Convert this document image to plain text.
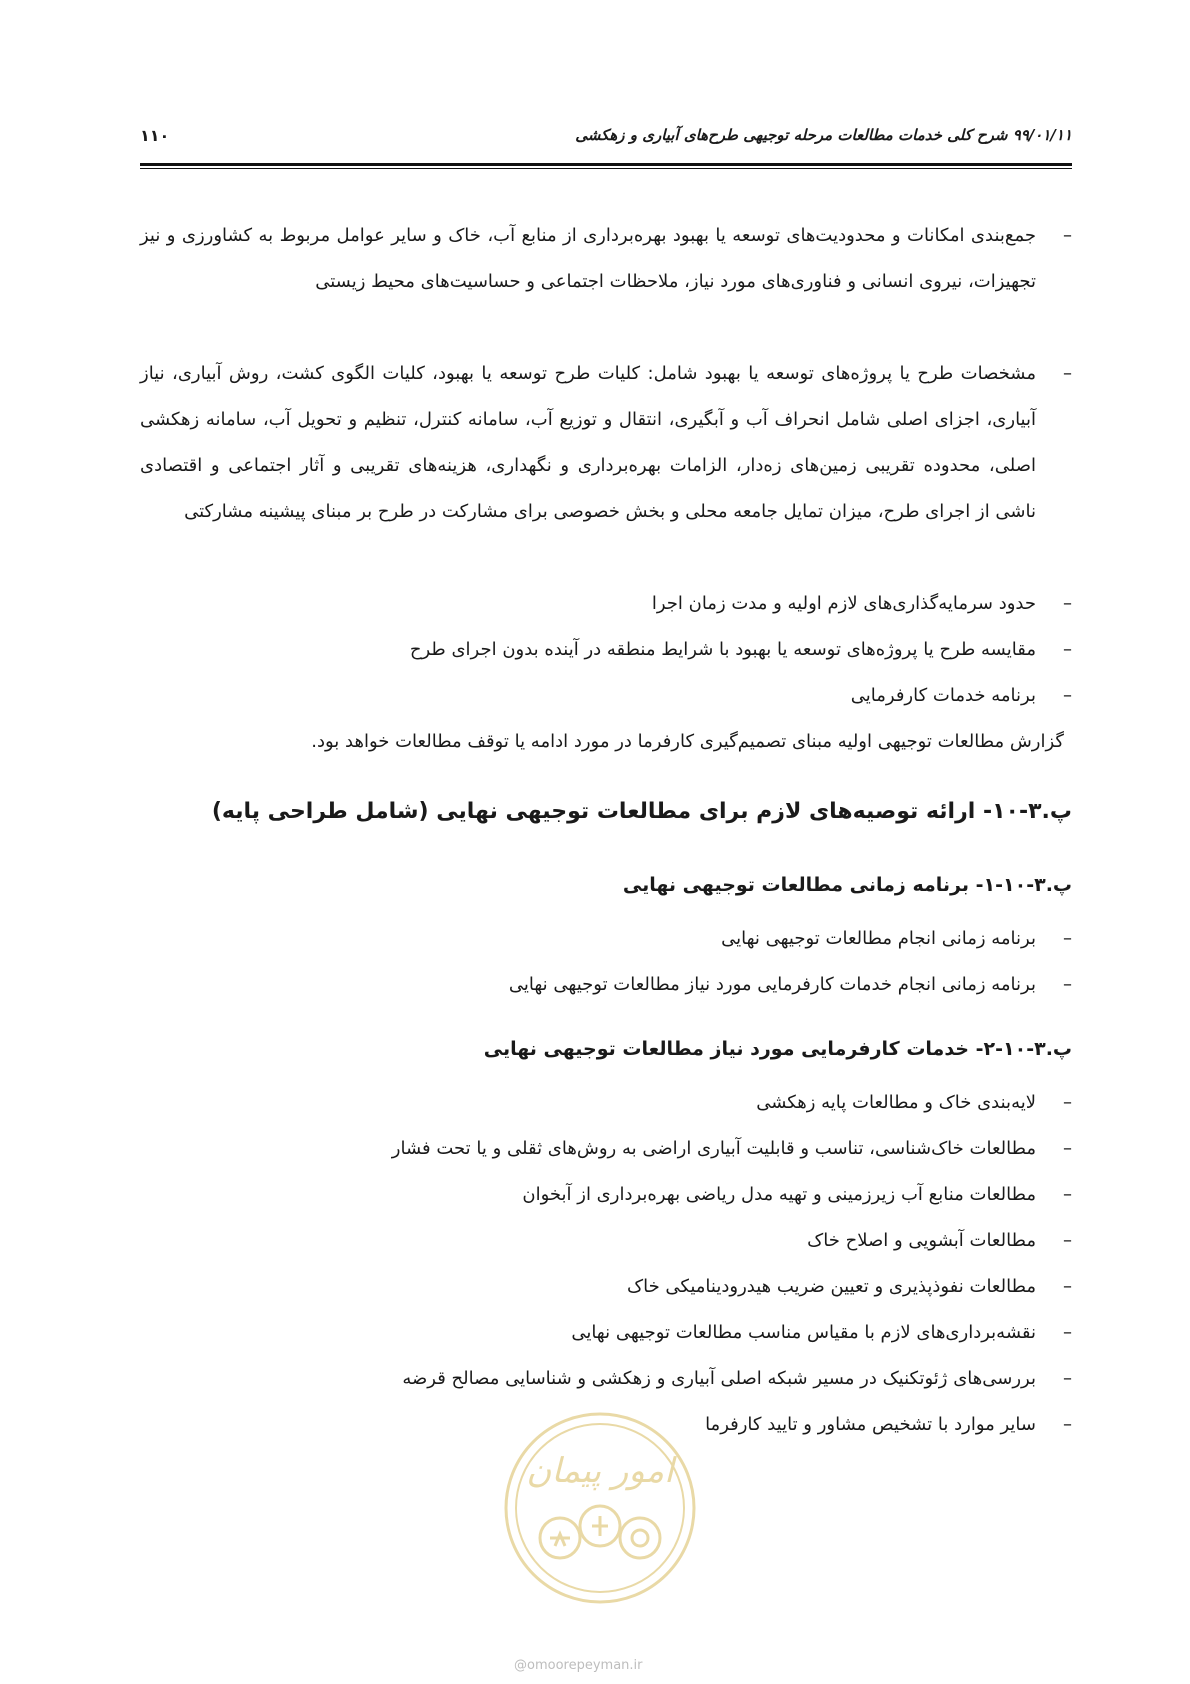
۹۹/۰۱/۱۱ شرح کلی خدمات مطالعات مرحله توجیهی طرح‌های آبیاری و زهکشی
۱۱۰
–
جمع‌بندی امکانات و محدودیت‌های توسعه یا بهبود بهره‌برداری از منابع آب، خاک و سایر عوامل مربوط به کشاورزی و نیز تجهیزات، نیروی انسانی و فناوری‌های مورد نیاز، ملاحظات اجتماعی و حساسیت‌های محیط زیستی
–
مشخصات طرح یا پروژه‌های توسعه یا بهبود شامل: کلیات طرح توسعه یا بهبود، کلیات الگوی کشت، روش آبیاری، نیاز آبیاری، اجزای اصلی شامل انحراف آب و آبگیری، انتقال و توزیع آب، سامانه کنترل، تنظیم و تحویل آب، سامانه زهکشی اصلی، محدوده تقریبی زمین‌های زه‌دار، الزامات بهره‌برداری و نگهداری، هزینه‌های تقریبی و آثار اجتماعی و اقتصادی ناشی از اجرای طرح، میزان تمایل جامعه محلی و بخش خصوصی برای مشارکت در طرح بر مبنای پیشینه مشارکتی
–
حدود سرمایه‌گذاری‌های لازم اولیه و مدت زمان اجرا
–
مقایسه طرح یا پروژه‌های توسعه یا بهبود با شرایط منطقه در آینده بدون اجرای طرح
–
برنامه خدمات کارفرمایی
گزارش مطالعات توجیهی اولیه مبنای تصمیم‌گیری کارفرما در مورد ادامه یا توقف مطالعات خواهد بود.
پ.۳-۱۰- ارائه توصیه‌های لازم برای مطالعات توجیهی نهایی (شامل طراحی پایه)
پ.۳-۱۰-۱- برنامه زمانی مطالعات توجیهی نهایی
–
برنامه زمانی انجام مطالعات توجیهی نهایی
–
برنامه زمانی انجام خدمات کارفرمایی مورد نیاز مطالعات توجیهی نهایی
پ.۳-۱۰-۲- خدمات کارفرمایی مورد نیاز مطالعات توجیهی نهایی
–
لایه‌بندی خاک و مطالعات پایه زهکشی
–
مطالعات خاک‌شناسی، تناسب و قابلیت آبیاری اراضی به روش‌های ثقلی و یا تحت فشار
–
مطالعات منابع آب زیرزمینی و تهیه مدل ریاضی بهره‌برداری از آبخوان
–
مطالعات آبشویی و اصلاح خاک
–
مطالعات نفوذپذیری و تعیین ضریب هیدرودینامیکی خاک
–
نقشه‌برداری‌های لازم با مقیاس مناسب مطالعات توجیهی نهایی
–
بررسی‌های ژئوتکنیک در مسیر شبکه اصلی آبیاری و زهکشی و شناسایی مصالح قرضه
–
سایر موارد با تشخیص مشاور و تایید کارفرما
امور پیمان
@omoorepeyman.ir
